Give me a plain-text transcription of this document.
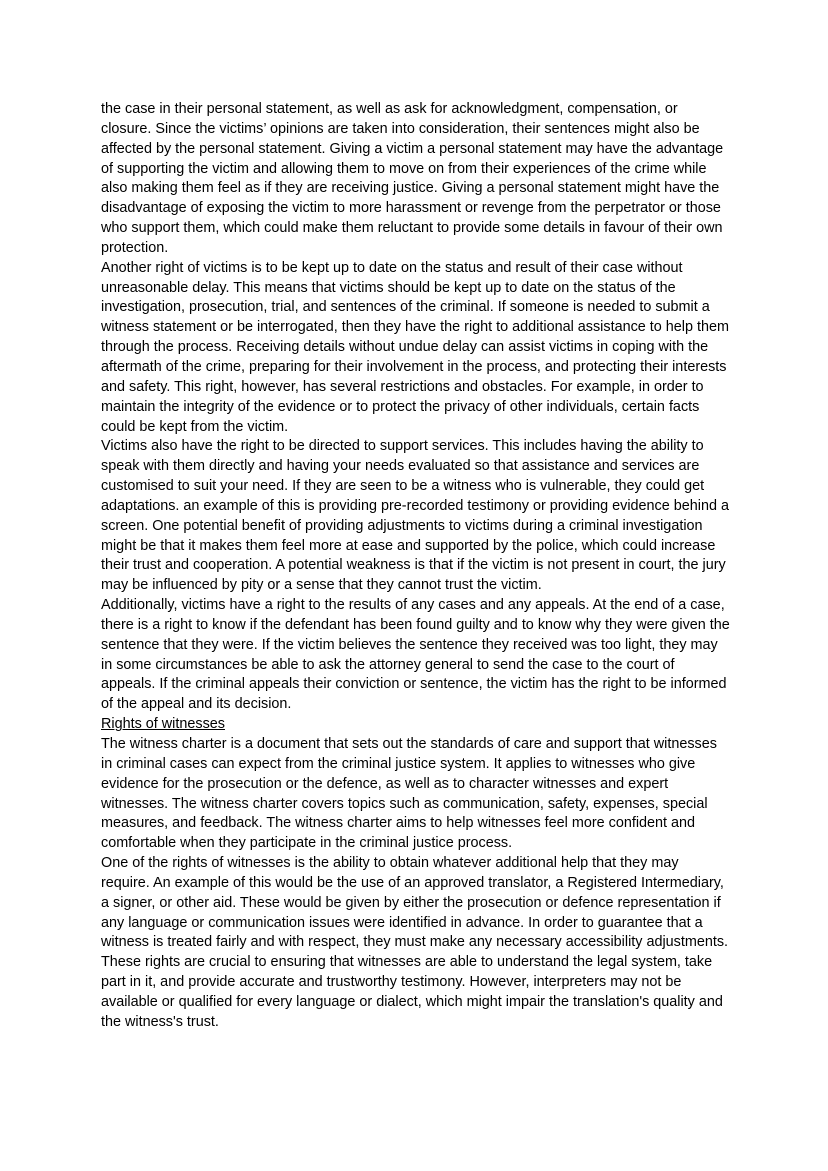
the case in their personal statement, as well as ask for acknowledgment, compensation, or closure. Since the victims’ opinions are taken into consideration, their sentences might also be affected by the personal statement. Giving a victim a personal statement may have the advantage of supporting the victim and allowing them to move on from their experiences of the crime while also making them feel as if they are receiving justice. Giving a personal statement might have the disadvantage of exposing the victim to more harassment or revenge from the perpetrator or those who support them, which could make them reluctant to provide some details in favour of their own protection.

Another right of victims is to be kept up to date on the status and result of their case without unreasonable delay. This means that victims should be kept up to date on the status of the investigation, prosecution, trial, and sentences of the criminal. If someone is needed to submit a witness statement or be interrogated, then they have the right to additional assistance to help them through the process. Receiving details without undue delay can assist victims in coping with the aftermath of the crime, preparing for their involvement in the process, and protecting their interests and safety. This right, however, has several restrictions and obstacles. For example, in order to maintain the integrity of the evidence or to protect the privacy of other individuals, certain facts could be kept from the victim.

Victims also have the right to be directed to support services. This includes having the ability to speak with them directly and having your needs evaluated so that assistance and services are customised to suit your need. If they are seen to be a witness who is vulnerable, they could get adaptations. an example of this is providing pre-recorded testimony or providing evidence behind a screen. One potential benefit of providing adjustments to victims during a criminal investigation might be that it makes them feel more at ease and supported by the police, which could increase their trust and cooperation. A potential weakness is that if the victim is not present in court, the jury may be influenced by pity or a sense that they cannot trust the victim.

Additionally, victims have a right to the results of any cases and any appeals. At the end of a case, there is a right to know if the defendant has been found guilty and to know why they were given the sentence that they were. If the victim believes the sentence they received was too light, they may in some circumstances be able to ask the attorney general to send the case to the court of appeals. If the criminal appeals their conviction or sentence, the victim has the right to be informed of the appeal and its decision.

Rights of witnesses

The witness charter is a document that sets out the standards of care and support that witnesses in criminal cases can expect from the criminal justice system. It applies to witnesses who give evidence for the prosecution or the defence, as well as to character witnesses and expert witnesses. The witness charter covers topics such as communication, safety, expenses, special measures, and feedback. The witness charter aims to help witnesses feel more confident and comfortable when they participate in the criminal justice process.

One of the rights of witnesses is the ability to obtain whatever additional help that they may require. An example of this would be the use of an approved translator, a Registered Intermediary, a signer, or other aid. These would be given by either the prosecution or defence representation if any language or communication issues were identified in advance. In order to guarantee that a witness is treated fairly and with respect, they must make any necessary accessibility adjustments. These rights are crucial to ensuring that witnesses are able to understand the legal system, take part in it, and provide accurate and trustworthy testimony. However, interpreters may not be available or qualified for every language or dialect, which might impair the translation's quality and the witness's trust.
